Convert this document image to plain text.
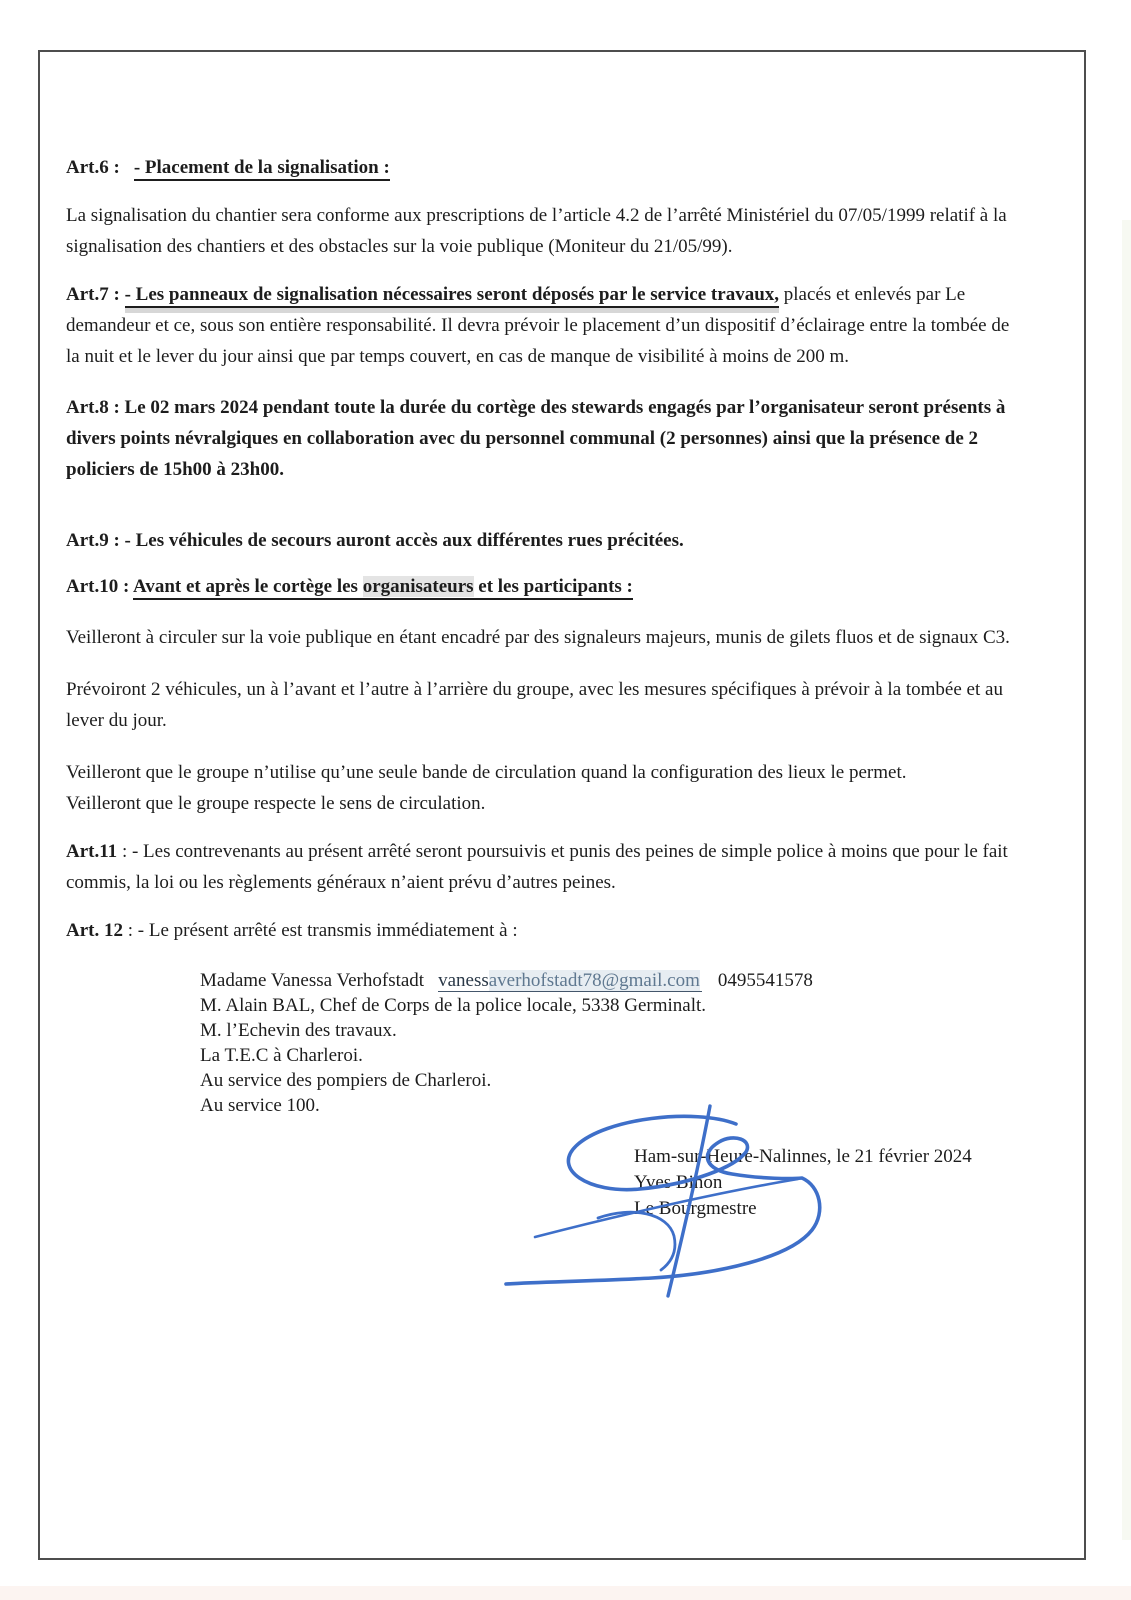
Art.6 : - Placement de la signalisation :

La signalisation du chantier sera conforme aux prescriptions de l’article 4.2 de l’arrêté Ministériel du 07/05/1999 relatif à la signalisation des chantiers et des obstacles sur la voie publique (Moniteur du 21/05/99).

Art.7 : - Les panneaux de signalisation nécessaires seront déposés par le service travaux, placés et enlevés par Le demandeur et ce, sous son entière responsabilité. Il devra prévoir le placement d’un dispositif d’éclairage entre la tombée de la nuit et le lever du jour ainsi que par temps couvert, en cas de manque de visibilité à moins de 200 m.

Art.8 : Le 02 mars 2024 pendant toute la durée du cortège des stewards engagés par l’organisateur seront présents à divers points névralgiques en collaboration avec du personnel communal (2 personnes) ainsi que la présence de 2 policiers de 15h00 à 23h00.

Art.9 : - Les véhicules de secours auront accès aux différentes rues précitées.

Art.10 : Avant et après le cortège les organisateurs et les participants :

Veilleront à circuler sur la voie publique en étant encadré par des signaleurs majeurs, munis de gilets fluos et de signaux C3.

Prévoiront 2 véhicules, un à l’avant et l’autre à l’arrière du groupe, avec les mesures spécifiques à prévoir à la tombée et au lever du jour.

Veilleront que le groupe n’utilise qu’une seule bande de circulation quand la configuration des lieux le permet.

Veilleront que le groupe respecte le sens de circulation.

Art.11 : - Les contrevenants au présent arrêté seront poursuivis et punis des peines de simple police à moins que pour le fait commis, la loi ou les règlements généraux n’aient prévu d’autres peines.

Art. 12 : - Le présent arrêté est transmis immédiatement à :

Madame Vanessa Verhofstadt vanessaverhofstadt78@gmail.com 0495541578
M. Alain BAL, Chef de Corps de la police locale, 5338 Germinalt.
M. l’Echevin des travaux.
La T.E.C à Charleroi.
Au service des pompiers de Charleroi.
Au service 100.
Ham-sur-Heure-Nalinnes, le 21 février 2024
Yves Binon
Le Bourgmestre
